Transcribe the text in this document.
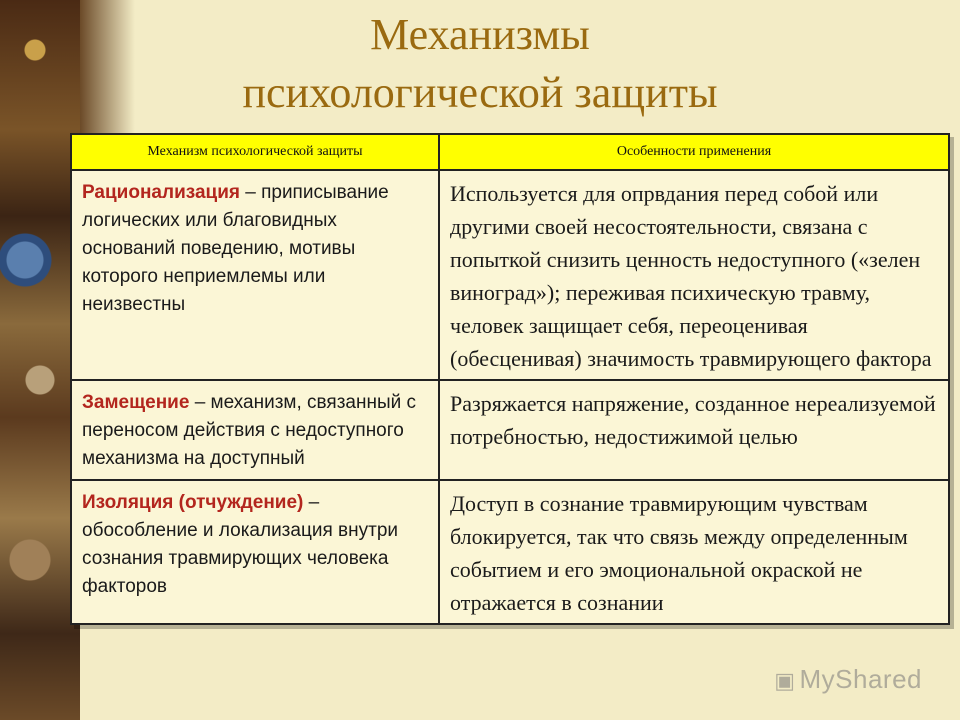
Механизмы
психологической защиты
Механизм психологической защиты	Особенности применения
Рационализация – приписывание логических или благовидных оснований поведению, мотивы которого неприемлемы или неизвестны	Используется для опрвдания перед собой или другими своей несостоятельности, связана с попыткой снизить ценность недоступного («зелен виноград»); переживая психическую травму, человек защищает себя, переоценивая (обесценивая) значимость травмирующего фактора
Замещение – механизм, связанный с переносом действия с недоступного механизма на доступный	Разряжается напряжение, созданное нереализуемой потребностью, недостижимой целью
Изоляция (отчуждение) – обособление и локализация внутри сознания травмирующих человека факторов	Доступ в сознание травмирующим чувствам блокируется, так что связь между определенным событием и его эмоциональной окраской не отражается в сознании
▣ MyShared
